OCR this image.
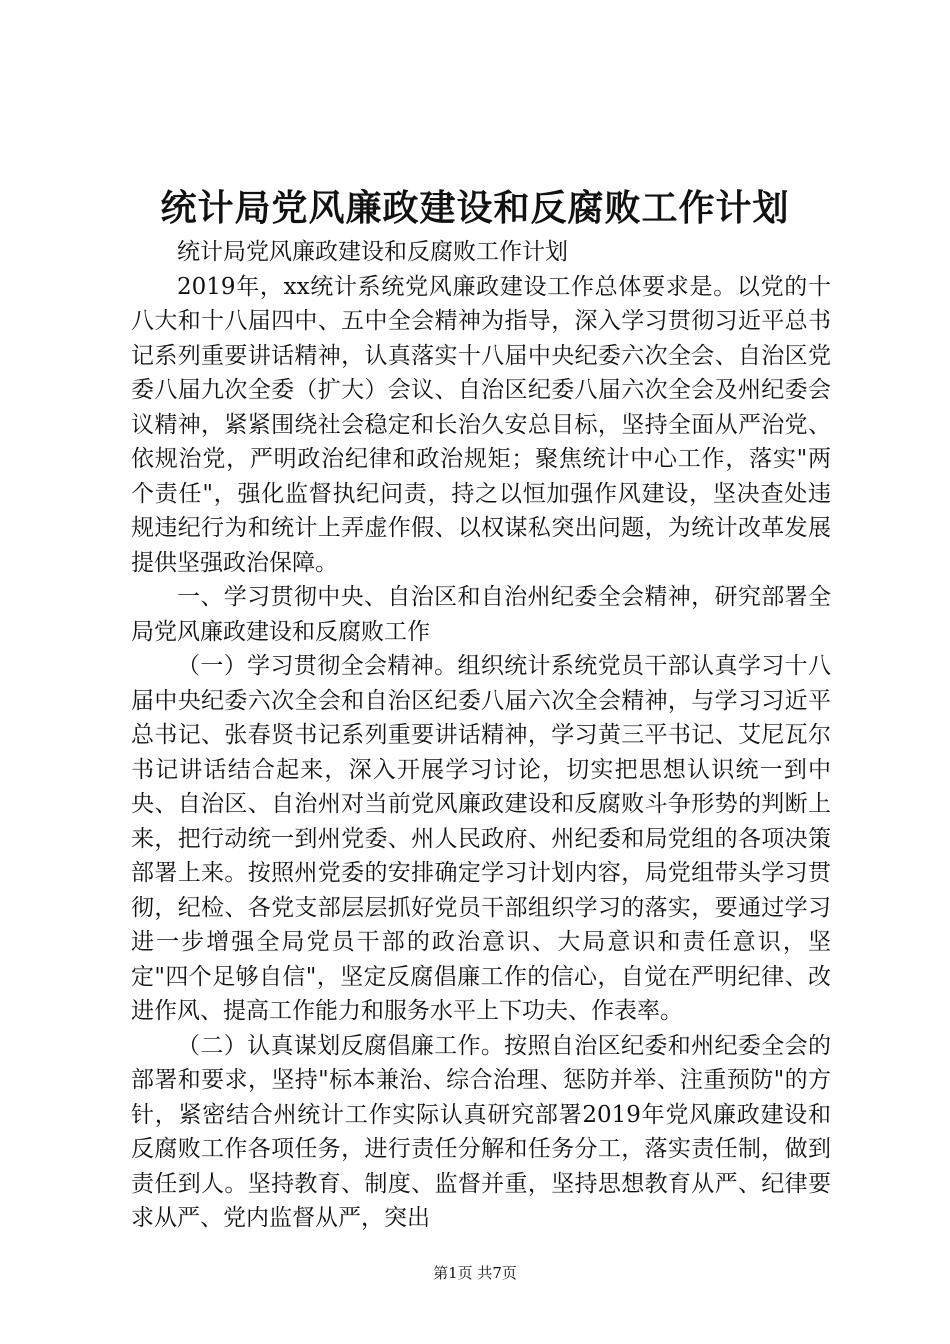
统计局党风廉政建设和反腐败工作计划

统计局党风廉政建设和反腐败工作计划

2019年，xx统计系统党风廉政建设工作总体要求是。以党的十八大和十八届四中、五中全会精神为指导，深入学习贯彻习近平总书记系列重要讲话精神，认真落实十八届中央纪委六次全会、自治区党委八届九次全委（扩大）会议、自治区纪委八届六次全会及州纪委会议精神，紧紧围绕社会稳定和长治久安总目标，坚持全面从严治党、依规治党，严明政治纪律和政治规矩；聚焦统计中心工作，落实"两个责任"，强化监督执纪问责，持之以恒加强作风建设，坚决查处违规违纪行为和统计上弄虚作假、以权谋私突出问题，为统计改革发展提供坚强政治保障。

一、学习贯彻中央、自治区和自治州纪委全会精神，研究部署全局党风廉政建设和反腐败工作

（一）学习贯彻全会精神。组织统计系统党员干部认真学习十八届中央纪委六次全会和自治区纪委八届六次全会精神，与学习习近平总书记、张春贤书记系列重要讲话精神，学习黄三平书记、艾尼瓦尔书记讲话结合起来，深入开展学习讨论，切实把思想认识统一到中央、自治区、自治州对当前党风廉政建设和反腐败斗争形势的判断上来，把行动统一到州党委、州人民政府、州纪委和局党组的各项决策部署上来。按照州党委的安排确定学习计划内容，局党组带头学习贯彻，纪检、各党支部层层抓好党员干部组织学习的落实，要通过学习进一步增强全局党员干部的政治意识、大局意识和责任意识，坚定"四个足够自信"，坚定反腐倡廉工作的信心，自觉在严明纪律、改进作风、提高工作能力和服务水平上下功夫、作表率。

（二）认真谋划反腐倡廉工作。按照自治区纪委和州纪委全会的部署和要求，坚持"标本兼治、综合治理、惩防并举、注重预防"的方针，紧密结合州统计工作实际认真研究部署2019年党风廉政建设和反腐败工作各项任务，进行责任分解和任务分工，落实责任制，做到责任到人。坚持教育、制度、监督并重，坚持思想教育从严、纪律要求从严、党内监督从严，突出

第1页 共7页
